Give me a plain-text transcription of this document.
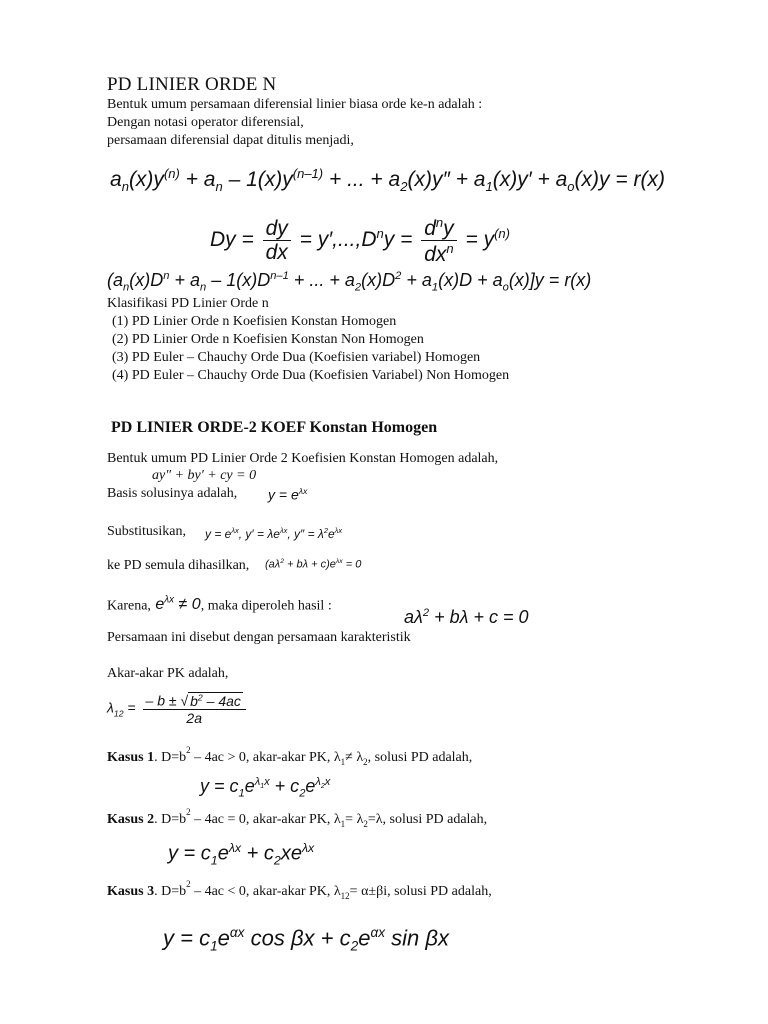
PD LINIER ORDE N
Bentuk umum persamaan diferensial linier biasa orde ke-n adalah :
Dengan notasi operator diferensial,
persamaan diferensial dapat ditulis menjadi,
$a_n(x)y^{(n)} + a_n - 1(x)y^{(n-1)}$ + ... + $a_2(x)y'' + a_1(x)y' + a_o(x)y = r(x)$
$Dy = \frac{dy}{dx} = y',...,D^ny = \frac{d^ny}{dx^n} = y^{(n)}$
($a_n(x)D^n + a_n - 1(x)D^{n-1}$ + ... + $a_2(x)D^2 + a_1(x)D + a_o(x)]y = r(x)$
Klasifikasi PD Linier Orde n
(1) PD Linier Orde n Koefisien Konstan Homogen
(2) PD Linier Orde n Koefisien Konstan Non Homogen
(3) PD Euler – Chauchy Orde Dua (Koefisien variabel) Homogen
(4) PD Euler – Chauchy Orde Dua (Koefisien Variabel) Non Homogen
PD LINIER ORDE-2 KOEF Konstan Homogen
Bentuk umum PD Linier Orde 2 Koefisien Konstan Homogen adalah,
ay″ + by′ + cy = 0
Basis solusinya adalah, $y = e^{\lambda x}$
Substitusikan, $y = e^{\lambda x}$, $y' = \lambda e^{\lambda x}$, $y'' = \lambda^2e^{\lambda x}$
ke PD semula dihasilkan, $(a\lambda^2 + b\lambda + c)e^{\lambda x} = 0$
Karena, $e^{\lambda x} \ne 0$, maka diperoleh hasil :
$a\lambda^2 + b\lambda + c = 0$
Persamaan ini disebut dengan persamaan karakteristik
Akar-akar PK adalah,
$\lambda_{12} = \frac{- b \pm √ b^2 - 4ac}{2a}$
Kasus 1. $D=b^2 - 4ac > 0$, akar-akar PK, $\lambda_1\ne \lambda_2$, solusi PD adalah,
$y = c_1e^{\lambda_1x} + c_2e^{\lambda_2x}$
Kasus 2. $D=b^2 - 4ac = 0$, akar-akar PK, $\lambda_1= \lambda_2=\lambda$, solusi PD adalah,
$y = c_1e^{\lambda x} + c_2xe^{\lambda x}$
Kasus 3. $D=b^2 - 4ac < 0$, akar-akar PK, $\lambda_{12}= \alpha\pm\beta i$, solusi PD adalah,
$y = c_1e^{\alpha x}$ $\cos \beta x + c_2e^{\alpha x}$ sin βx
